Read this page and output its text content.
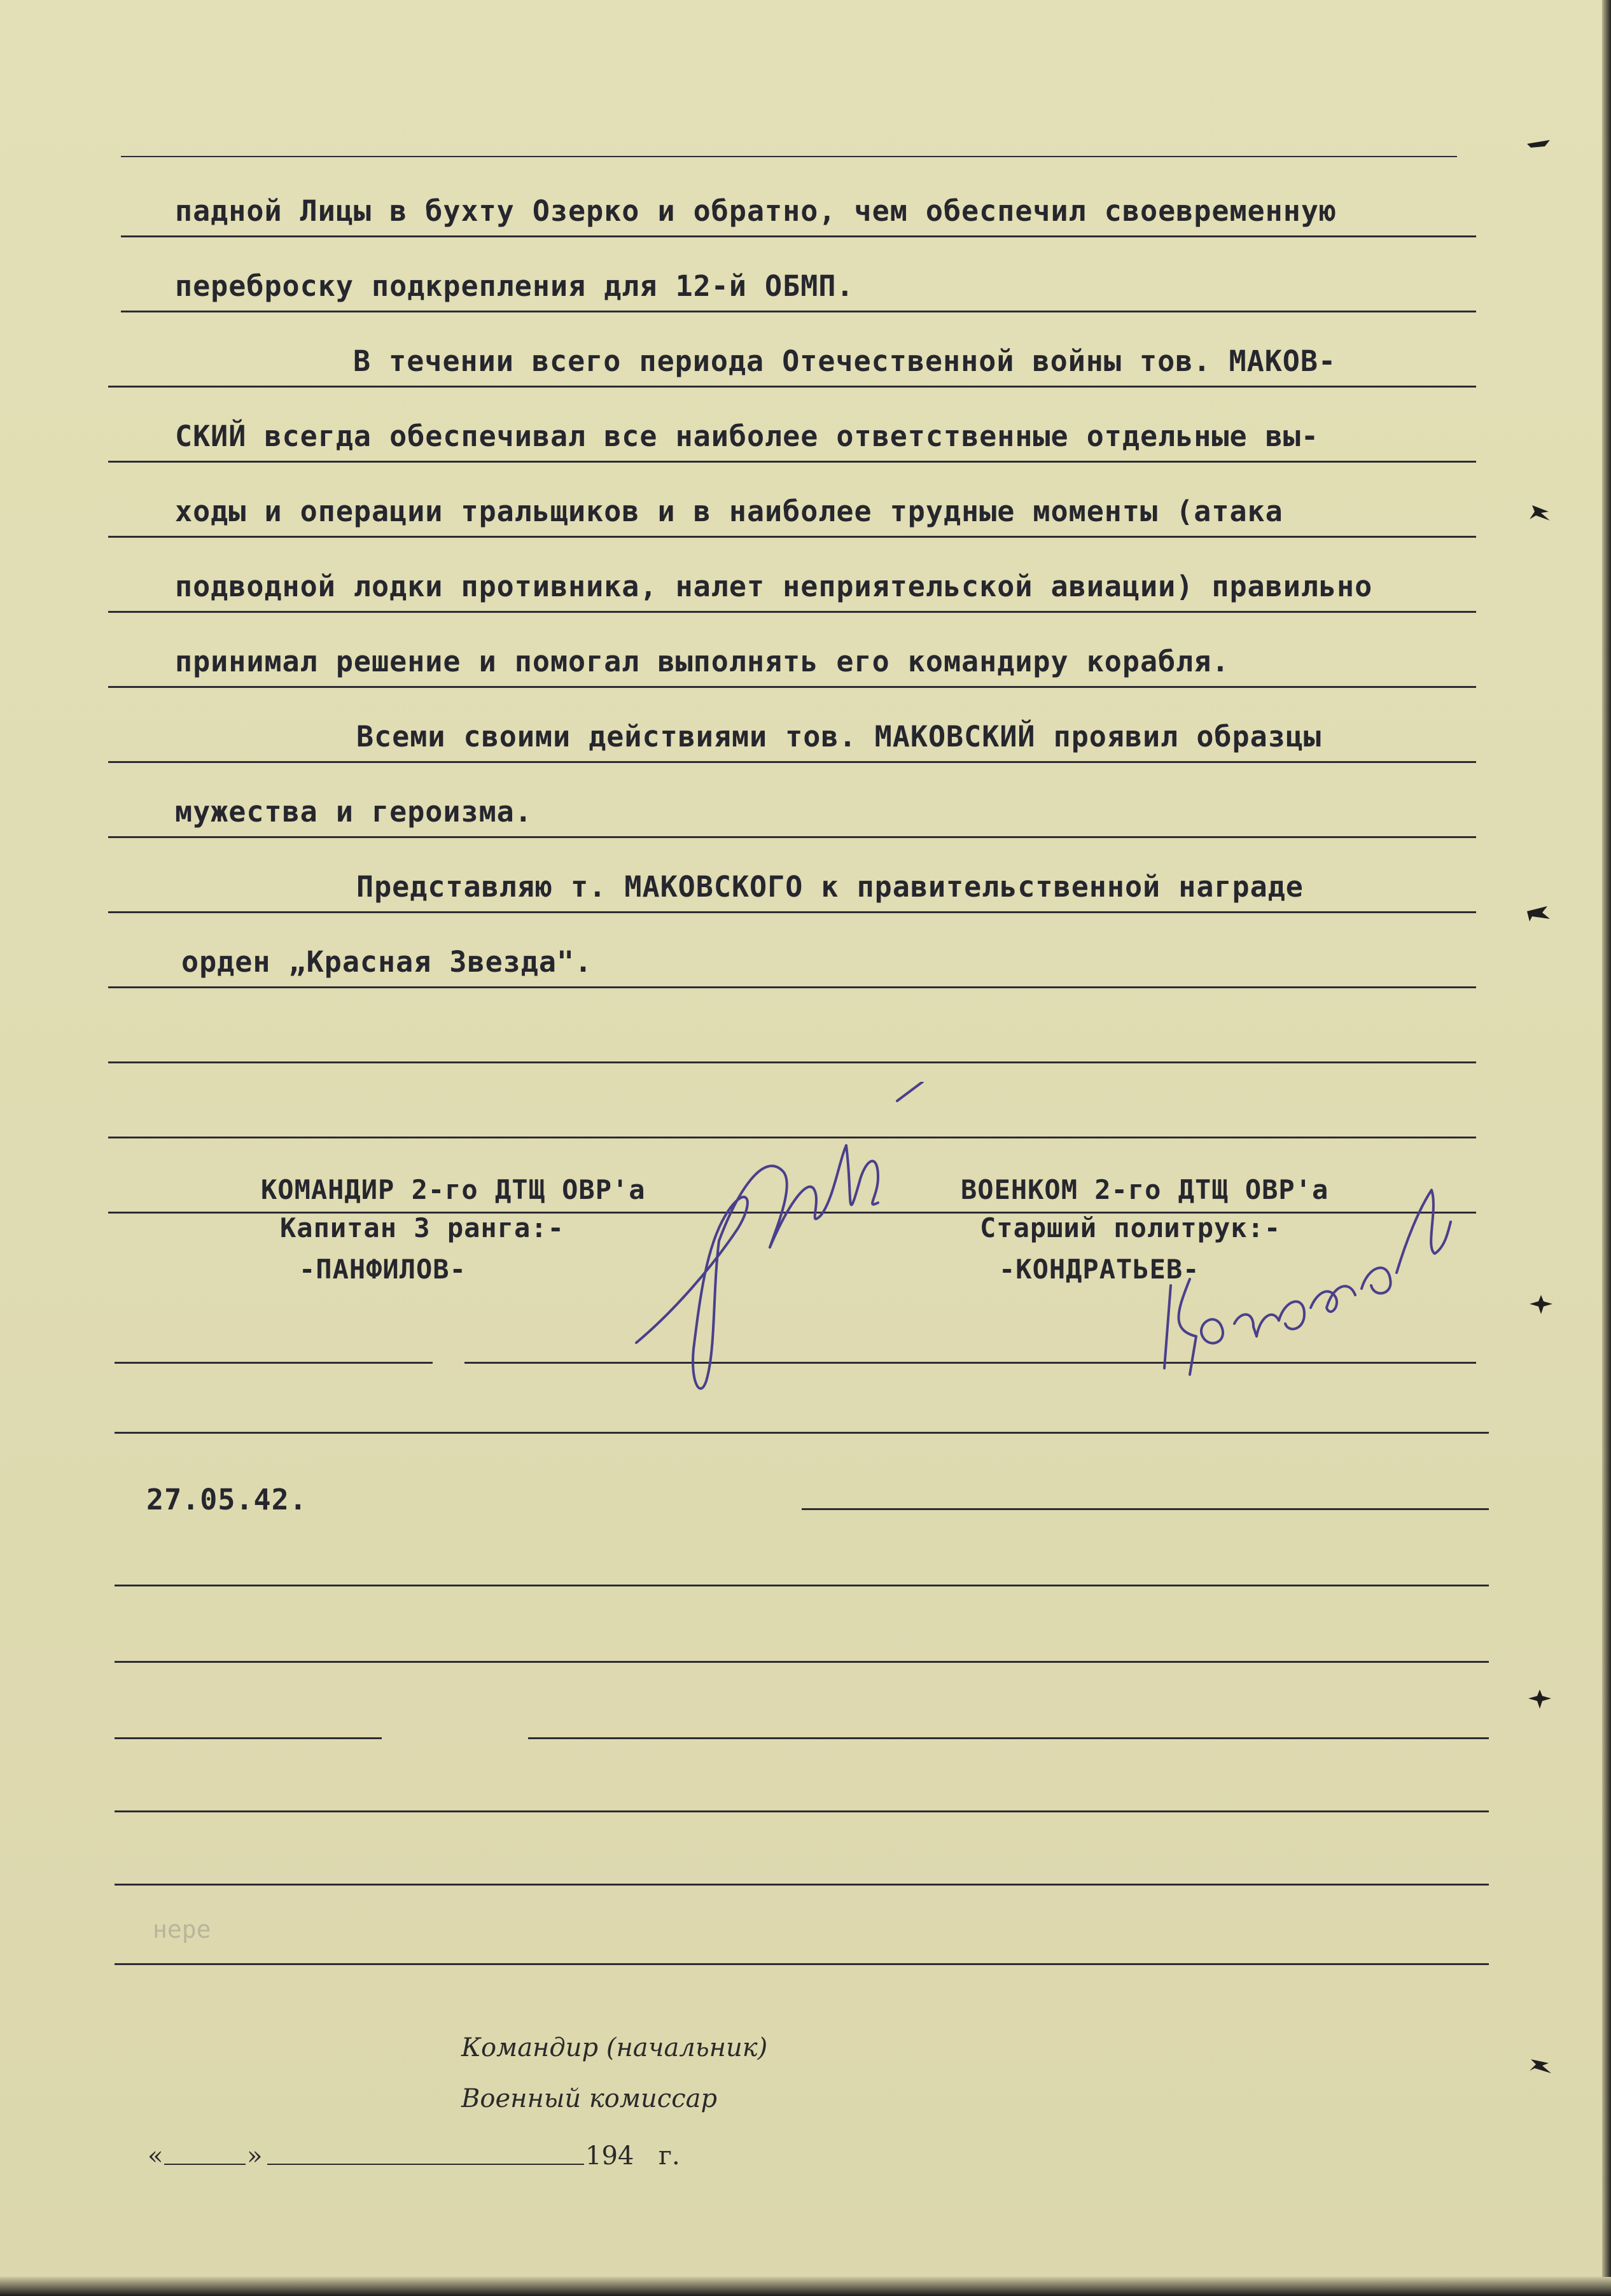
нере
падной Лицы в бухту Озерко и обратно, чем обеспечил своевременную
переброску подкрепления для 12-й ОБМП.
В течении всего периода Отечественной войны тов. МАКОВ-
СКИЙ всегда обеспечивал все наиболее ответственные отдельные вы-
ходы и операции тральщиков и в наиболее трудные моменты (атака
подводной лодки противника, налет неприятельской авиации) правильно
принимал решение и помогал выполнять его командиру корабля.
Всеми своими действиями тов. МАКОВСКИЙ проявил образцы
мужества и героизма.
Представляю т. МАКОВСКОГО к правительственной награде
орден „Красная Звезда".
КОМАНДИР 2-го ДТЩ ОВР'а
Капитан 3 ранга:-
-ПАНФИЛОВ-
ВОЕНКОМ 2-го ДТЩ ОВР'а
Старший политрук:-
-КОНДРАТЬЕВ-
27.05.42.
Командир (начальник)
Военный комиссар
«	»	194 г.
